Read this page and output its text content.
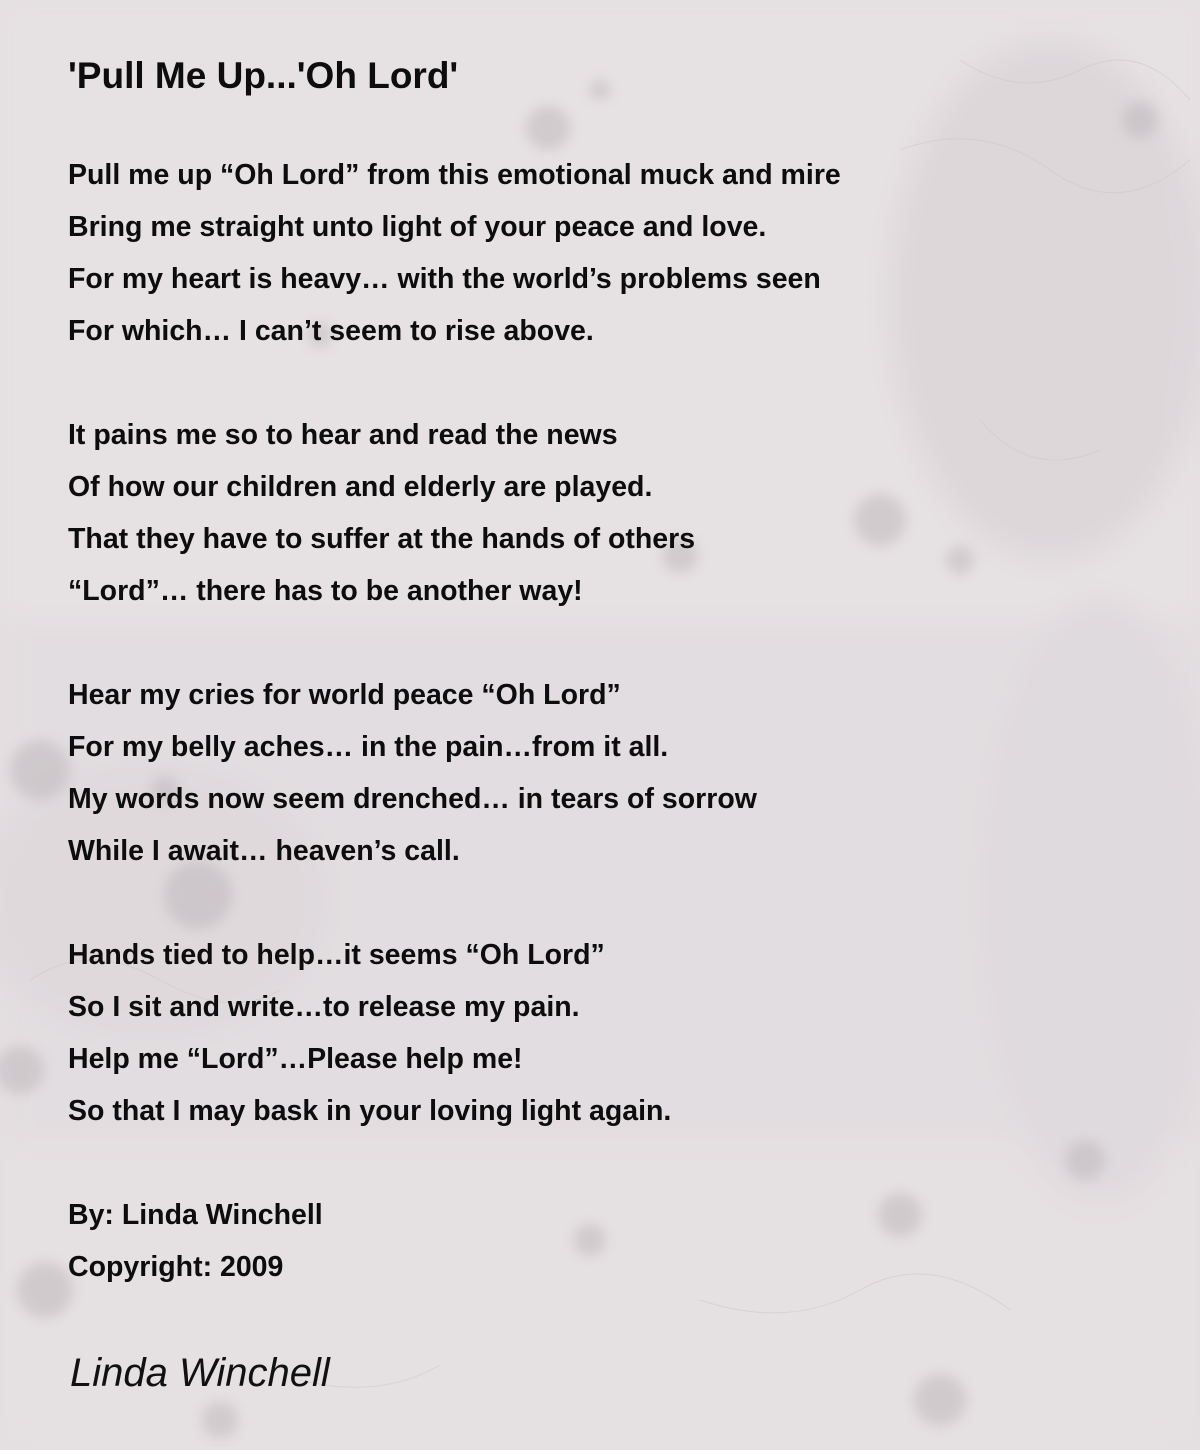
'Pull Me Up...'Oh Lord'
Pull me up “Oh Lord” from this emotional muck and mire
Bring me straight unto light of your peace and love.
For my heart is heavy… with the world’s problems seen
For which… I can’t seem to rise above.
It pains me so to hear and read the news
Of how our children and elderly are played.
That they have to suffer at the hands of others
“Lord”… there has to be another way!
Hear my cries for world peace “Oh Lord”
For my belly aches… in the pain…from it all.
My words now seem drenched… in tears of sorrow
While I await… heaven’s call.
Hands tied to help…it seems “Oh Lord”
So I sit and write…to release my pain.
Help me “Lord”…Please help me!
So that I may bask in your loving light again.
By: Linda Winchell
Copyright: 2009
Linda Winchell
